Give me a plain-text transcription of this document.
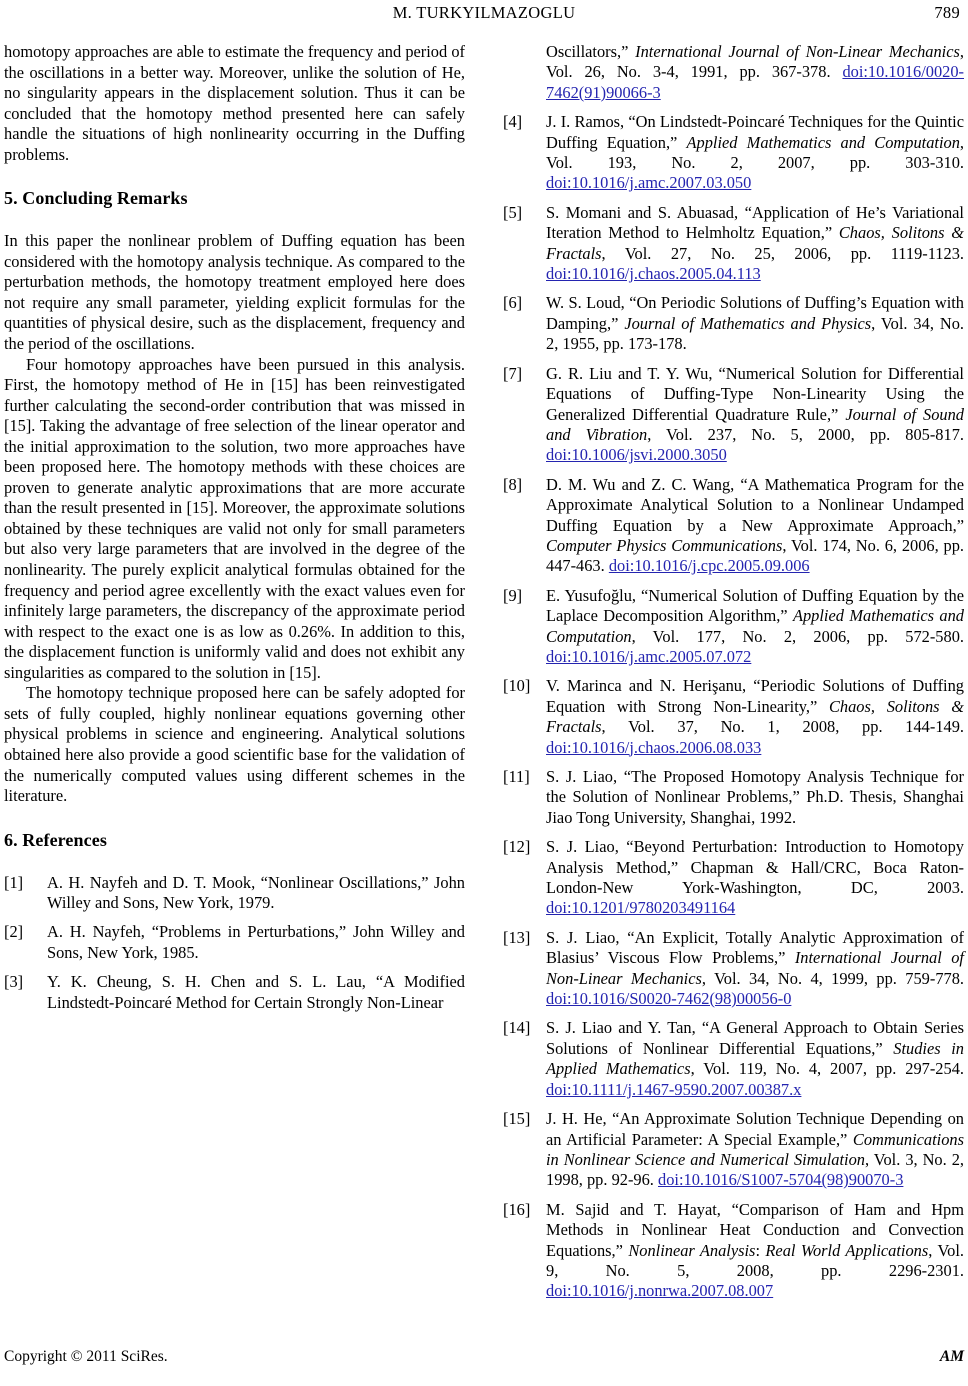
M. TURKYILMAZOGLU	789

homotopy approaches are able to estimate the frequency and period of the oscillations in a better way. Moreover, unlike the solution of He, no singularity appears in the displacement solution. Thus it can be concluded that the homotopy method presented here can safely handle the situations of high nonlinearity occurring in the Duffing problems.

5. Concluding Remarks

In this paper the nonlinear problem of Duffing equation has been considered with the homotopy analysis technique. As compared to the perturbation methods, the homotopy treatment employed here does not require any small parameter, yielding explicit formulas for the quantities of physical desire, such as the displacement, frequency and the period of the oscillations.

Four homotopy approaches have been pursued in this analysis. First, the homotopy method of He in [15] has been reinvestigated further calculating the second-order contribution that was missed in [15]. Taking the advantage of free selection of the linear operator and the initial approximation to the solution, two more approaches have been proposed here. The homotopy methods with these choices are proven to generate analytic approximations that are more accurate than the result presented in [15]. Moreover, the approximate solutions obtained by these techniques are valid not only for small parameters but also very large parameters that are involved in the degree of the nonlinearity. The purely explicit analytical formulas obtained for the frequency and period agree excellently with the exact values even for infinitely large parameters, the discrepancy of the approximate period with respect to the exact one is as low as 0.26%. In addition to this, the displacement function is uniformly valid and does not exhibit any singularities as compared to the solution in [15].

The homotopy technique proposed here can be safely adopted for sets of fully coupled, highly nonlinear equations governing other physical problems in science and engineering. Analytical solutions obtained here also provide a good scientific base for the validation of the numerically computed values using different schemes in the literature.

6. References
[1]	A. H. Nayfeh and D. T. Mook, “Nonlinear Oscillations,” John Willey and Sons, New York, 1979.
[2]	A. H. Nayfeh, “Problems in Perturbations,” John Willey and Sons, New York, 1985.
[3]	Y. K. Cheung, S. H. Chen and S. L. Lau, “A Modified Lindstedt-Poincaré Method for Certain Strongly Non-Linear
Oscillators,” International Journal of Non-Linear Mechanics, Vol. 26, No. 3-4, 1991, pp. 367-378. doi:10.1016/0020-7462(91)90066-3
[4]	J. I. Ramos, “On Lindstedt-Poincaré Techniques for the Quintic Duffing Equation,” Applied Mathematics and Computation, Vol. 193, No. 2, 2007, pp. 303-310. doi:10.1016/j.amc.2007.03.050
[5]	S. Momani and S. Abuasad, “Application of He’s Variational Iteration Method to Helmholtz Equation,” Chaos, Solitons & Fractals, Vol. 27, No. 25, 2006, pp. 1119-1123. doi:10.1016/j.chaos.2005.04.113
[6]	W. S. Loud, “On Periodic Solutions of Duffing’s Equation with Damping,” Journal of Mathematics and Physics, Vol. 34, No. 2, 1955, pp. 173-178.
[7]	G. R. Liu and T. Y. Wu, “Numerical Solution for Differential Equations of Duffing-Type Non-Linearity Using the Generalized Differential Quadrature Rule,” Journal of Sound and Vibration, Vol. 237, No. 5, 2000, pp. 805-817. doi:10.1006/jsvi.2000.3050
[8]	D. M. Wu and Z. C. Wang, “A Mathematica Program for the Approximate Analytical Solution to a Nonlinear Undamped Duffing Equation by a New Approximate Approach,” Computer Physics Communications, Vol. 174, No. 6, 2006, pp. 447-463. doi:10.1016/j.cpc.2005.09.006
[9]	E. Yusufoğlu, “Numerical Solution of Duffing Equation by the Laplace Decomposition Algorithm,” Applied Mathematics and Computation, Vol. 177, No. 2, 2006, pp. 572-580. doi:10.1016/j.amc.2005.07.072
[10] V. Marinca and N. Herişanu, “Periodic Solutions of Duffing Equation with Strong Non-Linearity,” Chaos, Solitons & Fractals, Vol. 37, No. 1, 2008, pp. 144-149. doi:10.1016/j.chaos.2006.08.033
[11] S. J. Liao, “The Proposed Homotopy Analysis Technique for the Solution of Nonlinear Problems,” Ph.D. Thesis, Shanghai Jiao Tong University, Shanghai, 1992.
[12] S. J. Liao, “Beyond Perturbation: Introduction to Homotopy Analysis Method,” Chapman & Hall/CRC, Boca Raton-London-New York-Washington, DC, 2003. doi:10.1201/9780203491164
[13] S. J. Liao, “An Explicit, Totally Analytic Approximation of Blasius’ Viscous Flow Problems,” International Journal of Non-Linear Mechanics, Vol. 34, No. 4, 1999, pp. 759-778. doi:10.1016/S0020-7462(98)00056-0
[14] S. J. Liao and Y. Tan, “A General Approach to Obtain Series Solutions of Nonlinear Differential Equations,” Studies in Applied Mathematics, Vol. 119, No. 4, 2007, pp. 297-254. doi:10.1111/j.1467-9590.2007.00387.x
[15] J. H. He, “An Approximate Solution Technique Depending on an Artificial Parameter: A Special Example,” Communications in Nonlinear Science and Numerical Simulation, Vol. 3, No. 2, 1998, pp. 92-96. doi:10.1016/S1007-5704(98)90070-3
[16] M. Sajid and T. Hayat, “Comparison of Ham and Hpm Methods in Nonlinear Heat Conduction and Convection Equations,” Nonlinear Analysis: Real World Applications, Vol. 9, No. 5, 2008, pp. 2296-2301. doi:10.1016/j.nonrwa.2007.08.007
Copyright © 2011 SciRes.	AM
